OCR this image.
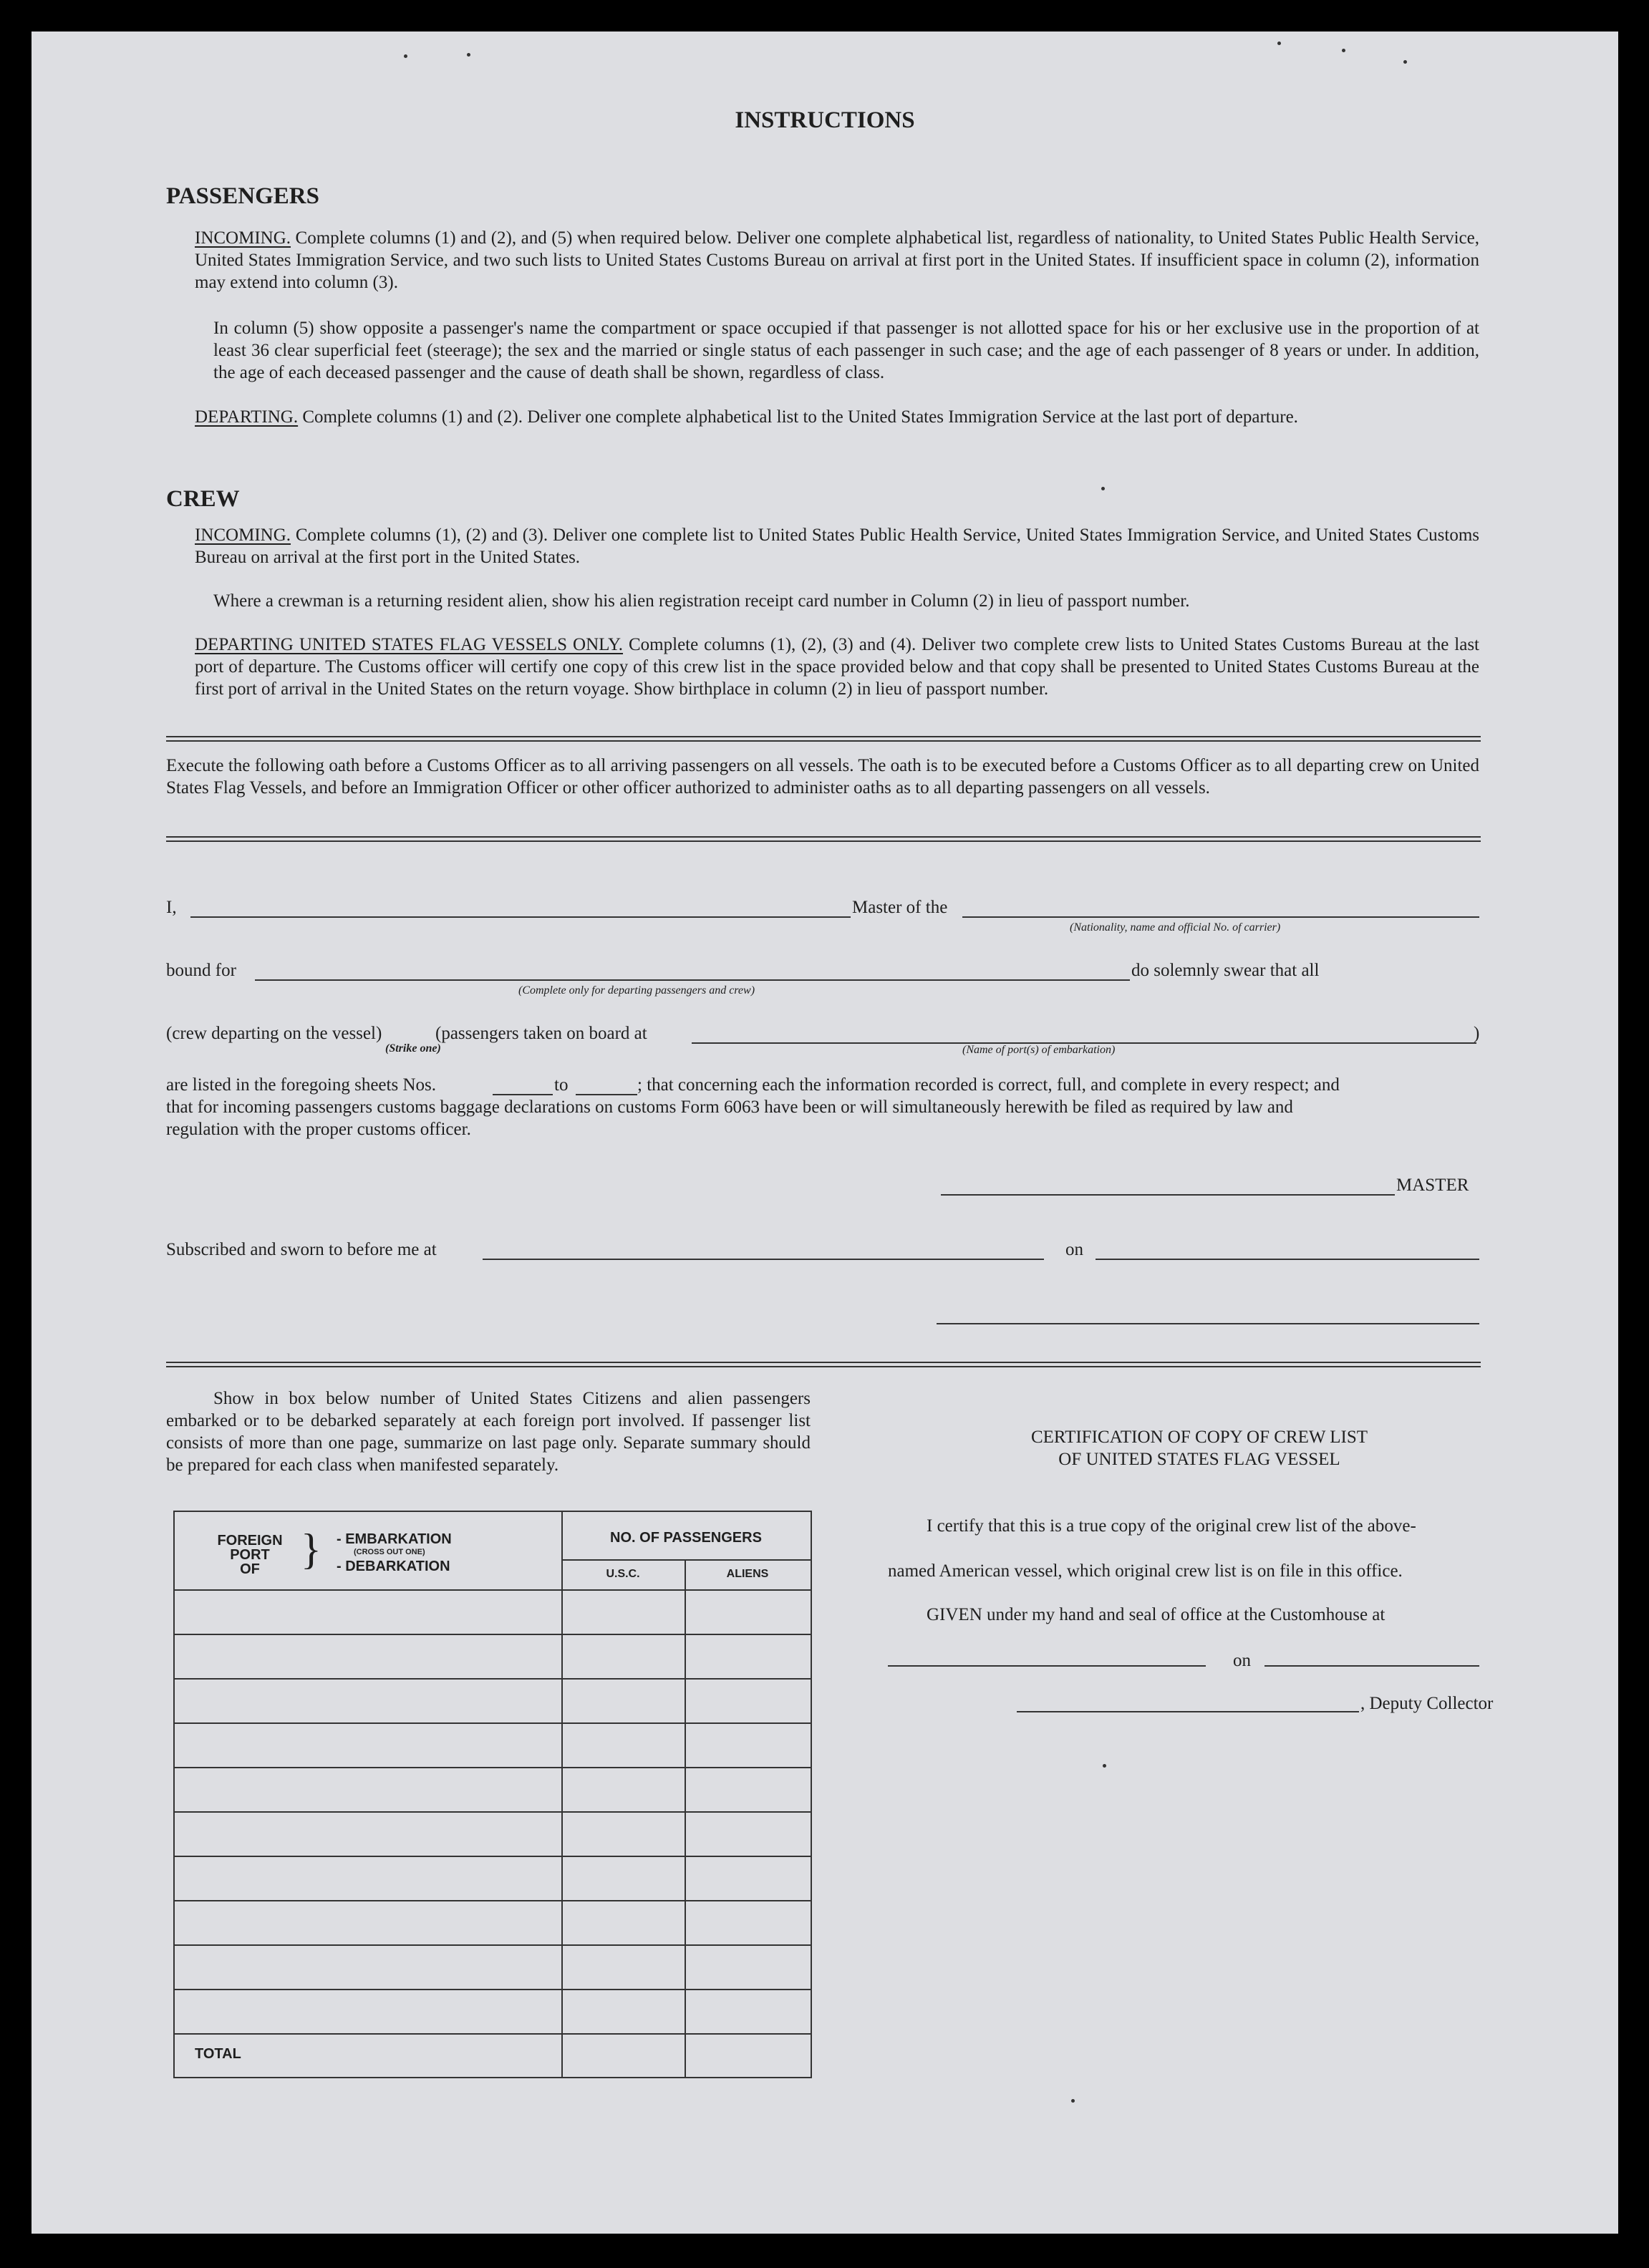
INSTRUCTIONS
PASSENGERS

INCOMING. Complete columns (1) and (2), and (5) when required below. Deliver one complete alphabetical list, regardless of nationality, to United States Public Health Service, United States Immigration Service, and two such lists to United States Customs Bureau on arrival at first port in the United States. If insufficient space in column (2), information may extend into column (3).

In column (5) show opposite a passenger's name the compartment or space occupied if that passenger is not allotted space for his or her exclusive use in the proportion of at least 36 clear superficial feet (steerage); the sex and the married or single status of each passenger in such case; and the age of each passenger of 8 years or under. In addition, the age of each deceased passenger and the cause of death shall be shown, regardless of class.

DEPARTING. Complete columns (1) and (2). Deliver one complete alphabetical list to the United States Immigration Service at the last port of departure.

CREW

INCOMING. Complete columns (1), (2) and (3). Deliver one complete list to United States Public Health Service, United States Immigration Service, and United States Customs Bureau on arrival at the first port in the United States.

Where a crewman is a returning resident alien, show his alien registration receipt card number in Column (2) in lieu of passport number.

DEPARTING UNITED STATES FLAG VESSELS ONLY. Complete columns (1), (2), (3) and (4). Deliver two complete crew lists to United States Customs Bureau at the last port of departure. The Customs officer will certify one copy of this crew list in the space provided below and that copy shall be presented to United States Customs Bureau at the first port of arrival in the United States on the return voyage. Show birthplace in column (2) in lieu of passport number.

Execute the following oath before a Customs Officer as to all arriving passengers on all vessels. The oath is to be executed before a Customs Officer as to all departing crew on United States Flag Vessels, and before an Immigration Officer or other officer authorized to administer oaths as to all departing passengers on all vessels.

I,	Master of the
(Nationality, name and official No. of carrier)
bound for
(Complete only for departing passengers and crew)
do solemnly swear that all
(crew departing on the vessel)	(passengers taken on board at	)
(Strike one)	(Name of port(s) of embarkation)
are listed in the foregoing sheets Nos.	to	; that concerning each the information recorded is correct, full, and complete in every respect; and
that for incoming passengers customs baggage declarations on customs Form 6063 have been or will simultaneously herewith be filed as required by law and
regulation with the proper customs officer.
MASTER
Subscribed and sworn to before me at	on

Show in box below number of United States Citizens and alien passengers embarked or to be debarked separately at each foreign port involved. If passenger list consists of more than one page, summarize on last page only. Separate summary should be prepared for each class when manifested separately.

FOREIGN
PORT
OF } - EMBARKATION
(CROSS OUT ONE)
- DEBARKATION
NO. OF PASSENGERS
U.S.C.	ALIENS
TOTAL
CERTIFICATION OF COPY OF CREW LIST
OF UNITED STATES FLAG VESSEL
I certify that this is a true copy of the original crew list of the above-
named American vessel, which original crew list is on file in this office.
GIVEN under my hand and seal of office at the Customhouse at
on
, Deputy Collector
